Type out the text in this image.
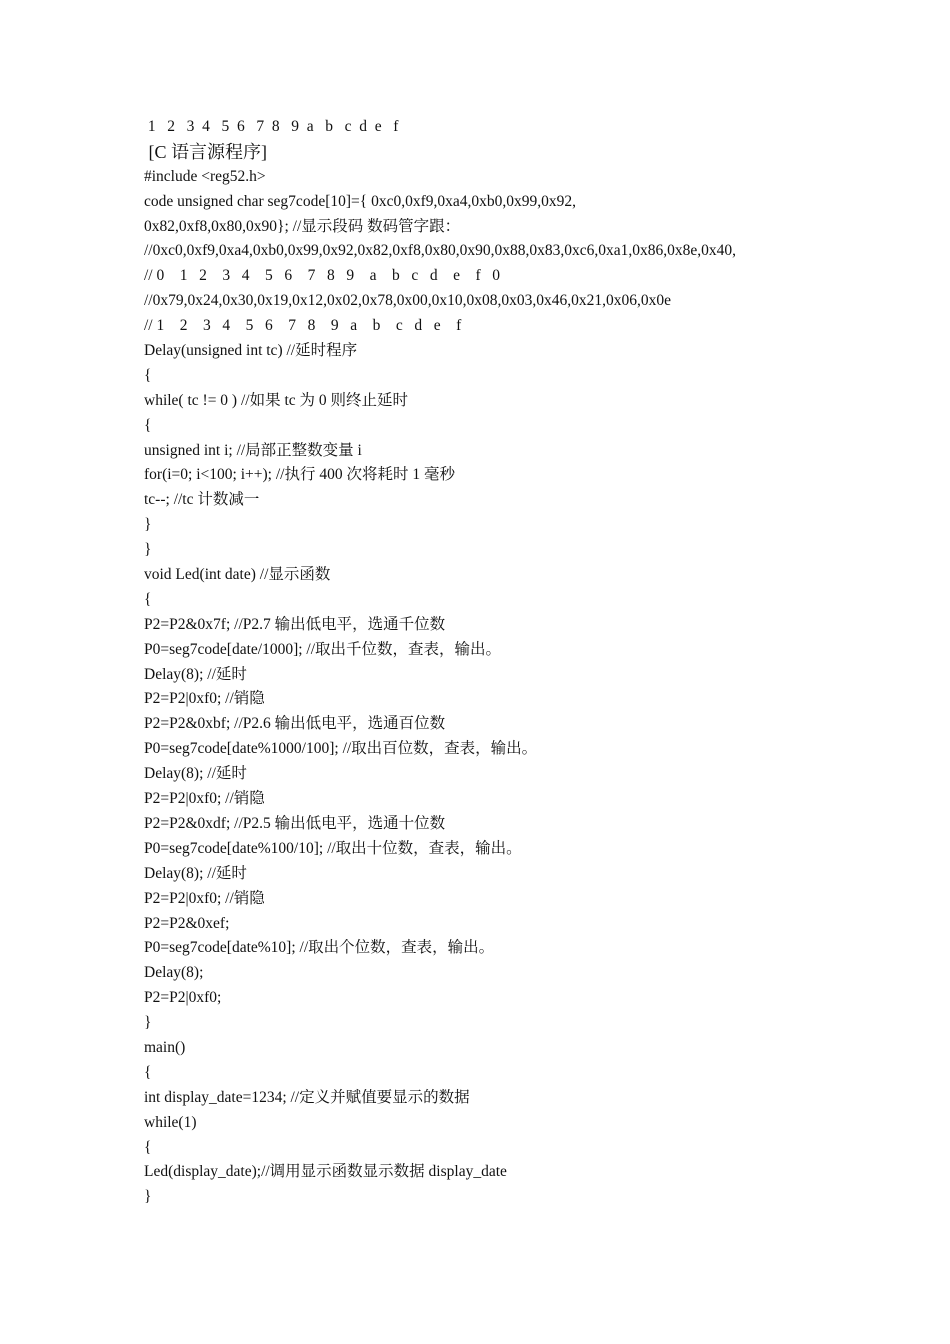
1   2   3  4   5  6   7  8   9  a   b   c  d  e   f
[C 语言源程序]
#include <reg52.h>
code unsigned char seg7code[10]={ 0xc0,0xf9,0xa4,0xb0,0x99,0x92,
0x82,0xf8,0x80,0x90}; //显示段码 数码管字跟：
//0xc0,0xf9,0xa4,0xb0,0x99,0x92,0x82,0xf8,0x80,0x90,0x88,0x83,0xc6,0xa1,0x86,0x8e,0x40,
// 0    1   2    3   4    5   6    7   8   9    a    b   c   d    e    f   0
//0x79,0x24,0x30,0x19,0x12,0x02,0x78,0x00,0x10,0x08,0x03,0x46,0x21,0x06,0x0e
// 1    2    3   4    5   6    7   8    9   a    b    c   d   e    f
Delay(unsigned int tc) //延时程序
{
while( tc != 0 ) //如果 tc 为 0 则终止延时
{
unsigned int i; //局部正整数变量 i
for(i=0; i<100; i++); //执行 400 次将耗时 1 毫秒
tc--; //tc 计数减一
}
}
void Led(int date) //显示函数
{
P2=P2&0x7f; //P2.7 输出低电平，选通千位数
P0=seg7code[date/1000]; //取出千位数，查表，输出。
Delay(8); //延时
P2=P2|0xf0; //销隐
P2=P2&0xbf; //P2.6 输出低电平，选通百位数
P0=seg7code[date%1000/100]; //取出百位数，查表，输出。
Delay(8); //延时
P2=P2|0xf0; //销隐
P2=P2&0xdf; //P2.5 输出低电平，选通十位数
P0=seg7code[date%100/10]; //取出十位数，查表，输出。
Delay(8); //延时
P2=P2|0xf0; //销隐
P2=P2&0xef;
P0=seg7code[date%10]; //取出个位数，查表，输出。
Delay(8);
P2=P2|0xf0;
}
main()
{
int display_date=1234; //定义并赋值要显示的数据
while(1)
{
Led(display_date);//调用显示函数显示数据 display_date
}
